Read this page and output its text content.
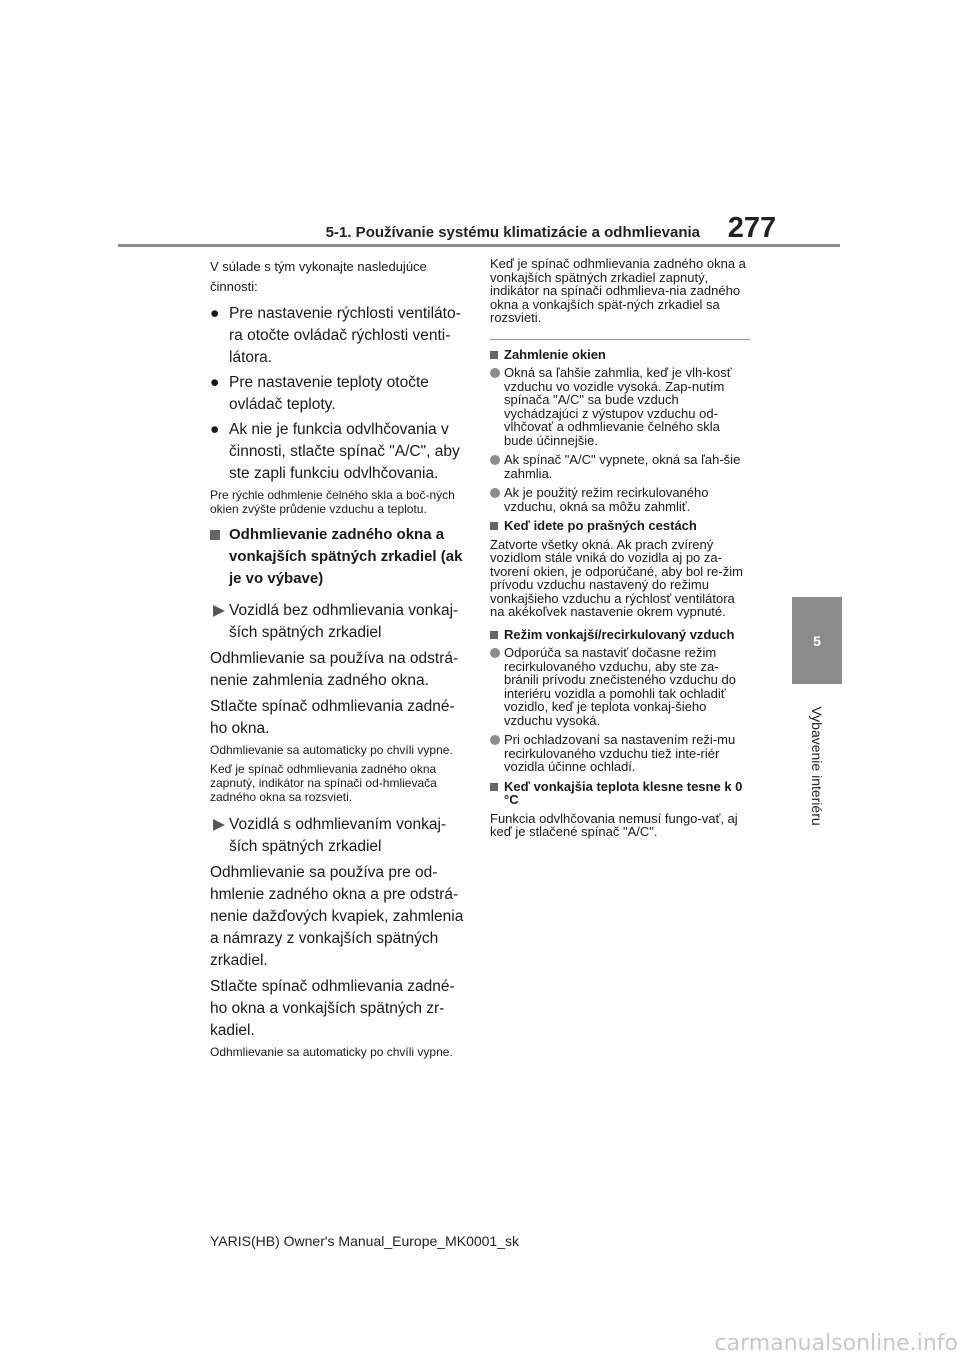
5-1. Používanie systému klimatizácie a odhmlievania 277
5
Vybavenie interiéru

V súlade s tým vykonajte nasledujúce činnosti:

● Pre nastavenie rýchlosti ventiláto-ra otočte ovládač rýchlosti venti-látora.
● Pre nastavenie teploty otočte ovládač teploty.
● Ak nie je funkcia odvlhčovania v činnosti, stlačte spínač "A/C", aby ste zapli funkciu odvlhčovania.

Pre rýchle odhmlenie čelného skla a boč-ných okien zvýšte průdenie vzduchu a teplotu.

Odhmlievanie zadného okna a vonkajších spätných zrkadiel (ak je vo výbave)
▶ Vozidlá bez odhmlievania vonkaj-ších spätných zrkadiel

Odhmlievanie sa používa na odstrá-nenie zahmlenia zadného okna.

Stlačte spínač odhmlievania zadné-ho okna.

Odhmlievanie sa automaticky po chvíli vypne.

Keď je spínač odhmlievania zadného okna zapnutý, indikátor na spínači od-hmlievača zadného okna sa rozsvieti.

▶ Vozidlá s odhmlievaním vonkaj-ších spätných zrkadiel

Odhmlievanie sa používa pre od-hmlenie zadného okna a pre odstrá-nenie dažďových kvapiek, zahmlenia a námrazy z vonkajších spätných zrkadiel.

Stlačte spínač odhmlievania zadné-ho okna a vonkajších spätných zr-kadiel.

Odhmlievanie sa automaticky po chvíli vypne.

Keď je spínač odhmlievania zadného okna a vonkajších spätných zrkadiel zapnutý, indikátor na spínači odhmlieva-nia zadného okna a vonkajších spät-ných zrkadiel sa rozsvieti.

Zahmlenie okien
Okná sa ľahšie zahmlia, keď je vlh-kosť vzduchu vo vozidle vysoká. Zap-nutím spínača "A/C" sa bude vzduch vychádzajúci z výstupov vzduchu od-vlhčovať a odhmlievanie čelného skla bude účinnejšie.
Ak spínač "A/C" vypnete, okná sa ľah-šie zahmlia.
Ak je použitý režim recirkulovaného vzduchu, okná sa môžu zahmliť.
Keď idete po prašných cestách

Zatvorte všetky okná. Ak prach zvírený vozidlom stále vniká do vozidla aj po za-tvorení okien, je odporúčané, aby bol re-žim prívodu vzduchu nastavený do režimu vonkajšieho vzduchu a rýchlosť ventilátora na akékoľvek nastavenie okrem vypnuté.

Režim vonkajší/recirkulovaný vzduch
Odporúča sa nastaviť dočasne režim recirkulovaného vzduchu, aby ste za-bránili prívodu znečisteného vzduchu do interiéru vozidla a pomohli tak ochladiť vozidlo, keď je teplota vonkaj-šieho vzduchu vysoká.
Pri ochladzovaní sa nastavením reži-mu recirkulovaného vzduchu tiež inte-riér vozidla účinne ochladí.
Keď vonkajšia teplota klesne tesne k 0 °C

Funkcia odvlhčovania nemusí fungo-vať, aj keď je stlačené spínač "A/C".

YARIS(HB) Owner's Manual_Europe_MK0001_sk
carmanualsonline.info
